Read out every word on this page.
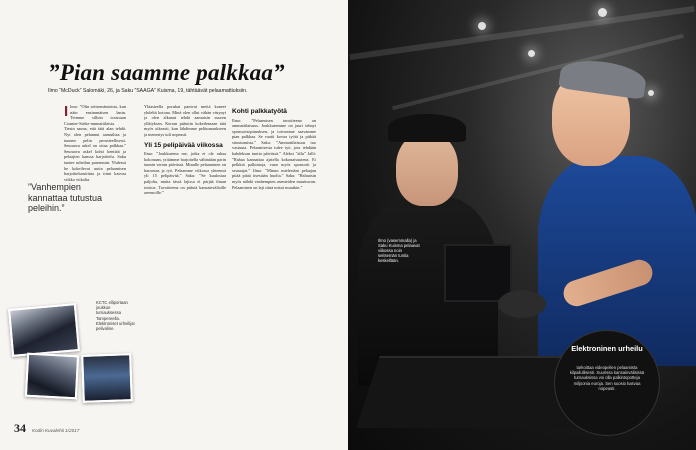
”Pian saamme palkkaa”
Ilmo ”McDuck” Salomäki, 26, ja Saku ”SAAGA” Kuisma, 19, tähtäävät pelaamattiuksiin.
I lmo: ”Olin seitsemäntoista, kun näin ensimmäisen lanin. Teimme silloin tosissaan Counter-Strike-ammattilaisia. Tiesin sauna, että tätä alan tehdä. Nyt olen pelannut aamuiltaa ja tunnen pelin perusteellisesti. Seuraava askel on ottaa palkkaa.” Seuraava askel kohti kenttää ja pelaajien kanssa harjoittelu. Saku tuntee urheilun paremmin. Yhdessä he kokeilevat uutta pelaamisen harjoittelurutiinia ja tiimi kasvaa viikko viikolta.
”Vanhempien kannattaa tutustua peleihin.”
Yläasteella porukat panivat meitä koneet yhdeltä kotona. Minä olen ollut vähän väsynyt ja olen alkanut tehdä aamuisin suuren yllätyksen. Kerran päästiin kokeilemaan tätä myös oikeasti, kun lähdimme peliturnaukseen ja menestys tuli nopeasti.
Yli 15 pelipäivää viikossa
Ilmo: ”Joukkueena me, jotka ei ole rahaa kokonaan, yritämme harjoitella vähintään parin tunnin verran päivässä. Minulle pelaaminen on harrastus ja työ. Pelaamme viikossa yhteensä yli 15 pelipäivää.” Saku: ”Se kuulostaa paljolta, mutta tässä lajissa ei pärjää ilman toistoa. Tavoitteena on päästä kansainvälisille areenoille.”
Kohti palkkatyötä
Ilmo: ”Pelaamisen tavoitteena on ammattilaisuus. Joukkueemme on juuri tehnyt sponsorisopimuksen, ja toivomme saavamme pian palkkaa. Se vaatii kovaa työtä ja pitkää sitoutumista.” Saku: ”Ammattilaisuus tuo vastuuta. Pelaamisesta tulee työ, jota tehdään kahdeksan tuntia päivässä.” Aleksi ”allu” Jalli: ”Rahaa kannattaa ajatella kokonaisuutena. Ei pelkkiä palkintoja, vaan myös sponsorit ja seuraajat.” Ilmo: ”Minun mielestäni pelaajan pitää pitää itsestään huolta.” Saku: ”Haluaisin myös nähdä vanhempien asenteiden muuttuvan. Pelaaminen on laji siinä missä muutkin.”
KCTC elliportaan joukkue turnauksessa Tampereella. Elektroniset urheilijat pelivaline.
34 Kodin Kuvalehti 1/2017
Ilmo (vasemmalla) ja Saku Kuisma pelaavat viikossa noin seitsemän tuntia keskellään.
Elektroninen urheilu
tarkoittaa videopelien pelaamista kilpailullisesti. Suurissa kansainvälisissä turnauksissa voi olla palkintopotteja miljoonia euroja. Sen suosio kasvaa nopeasti.
